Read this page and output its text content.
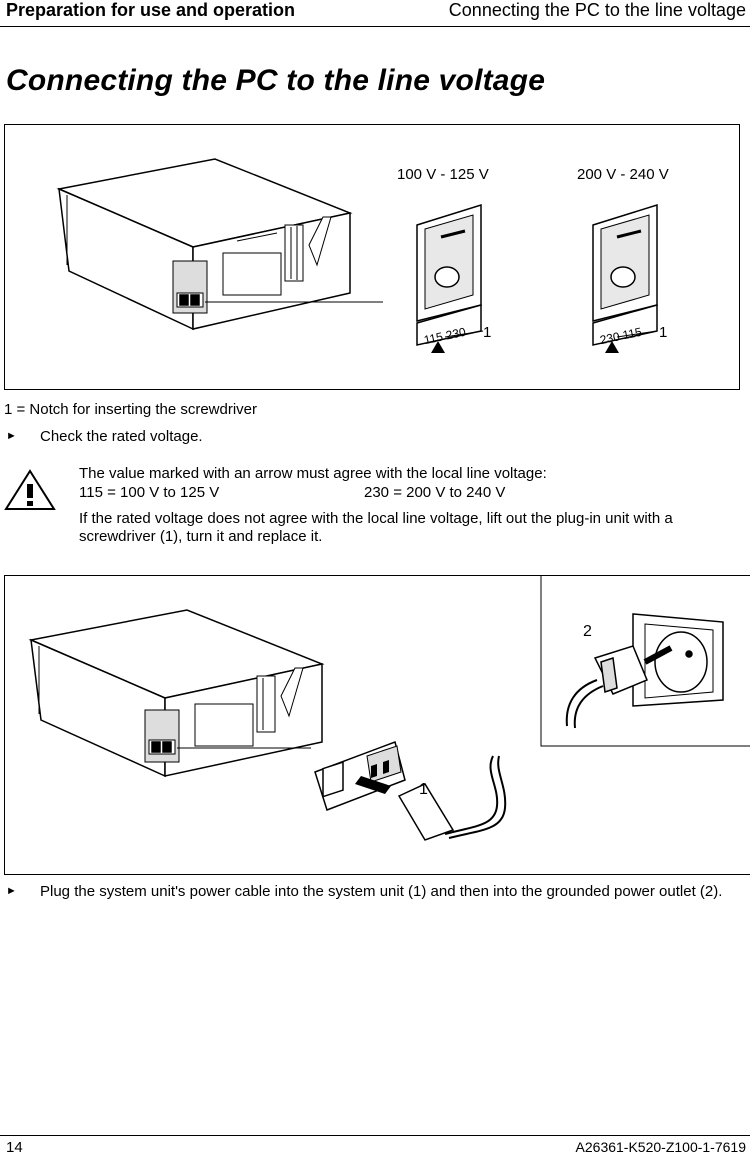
Preparation for use and operation	Connecting the PC to the line voltage
Connecting the PC to the line voltage
115 230	230 115
100 V - 125 V	200 V - 240 V
1	1
1 = Notch for inserting the screwdriver
► Check the rated voltage.
The value marked with an arrow must agree with the local line voltage:
115 = 100 V to 125 V	230 = 200 V to 240 V
If the rated voltage does not agree with the local line voltage, lift out the plug-in unit with a screwdriver (1), turn it and replace it.
2
1
► Plug the system unit's power cable into the system unit (1) and then into the grounded power outlet (2).
14	A26361-K520-Z100-1-7619
